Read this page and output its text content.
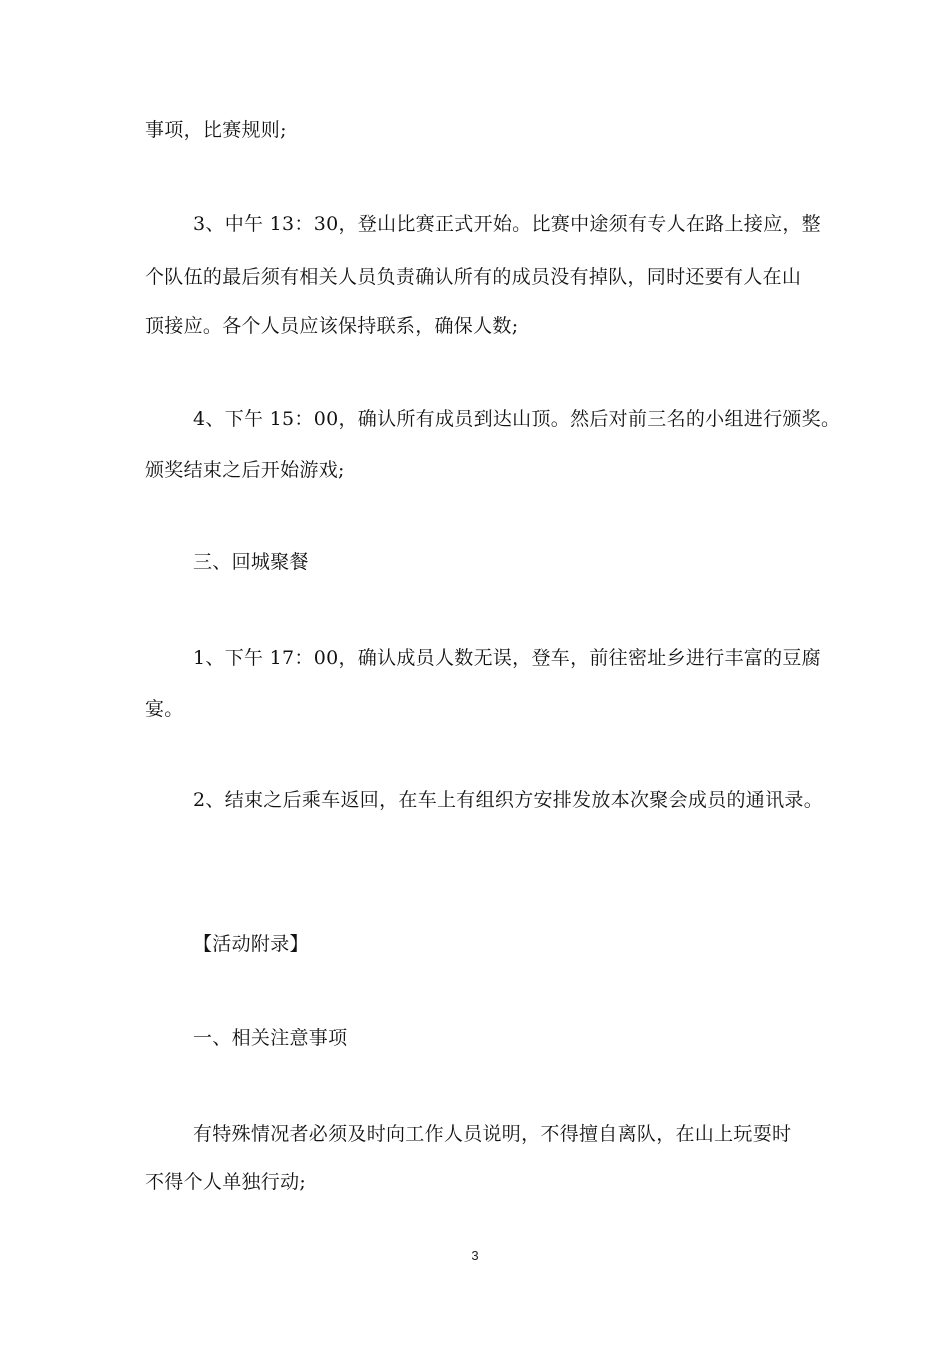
事项，比赛规则;
3、中午 13：30，登山比赛正式开始。比赛中途须有专人在路上接应，整
个队伍的最后须有相关人员负责确认所有的成员没有掉队，同时还要有人在山
顶接应。各个人员应该保持联系，确保人数;
4、下午 15：00，确认所有成员到达山顶。然后对前三名的小组进行颁奖。
颁奖结束之后开始游戏;
三、回城聚餐
1、下午 17：00，确认成员人数无误，登车，前往密址乡进行丰富的豆腐
宴。
2、结束之后乘车返回，在车上有组织方安排发放本次聚会成员的通讯录。
【活动附录】
一、相关注意事项
有特殊情况者必须及时向工作人员说明，不得擅自离队，在山上玩耍时
不得个人单独行动;
3
